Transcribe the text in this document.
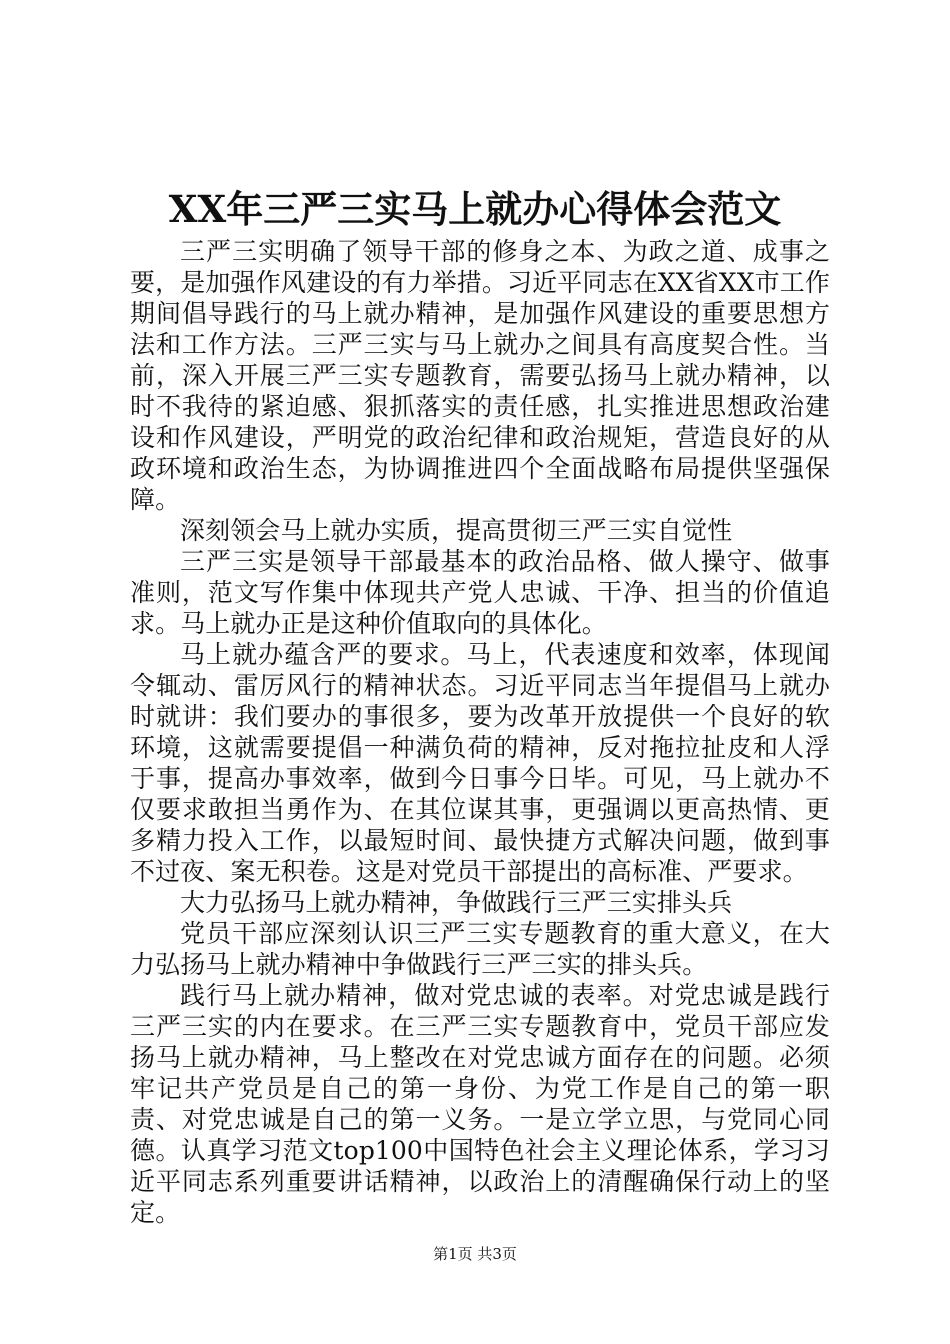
XX年三严三实马上就办心得体会范文

三严三实明确了领导干部的修身之本、为政之道、成事之要，是加强作风建设的有力举措。习近平同志在XX省XX市工作期间倡导践行的马上就办精神，是加强作风建设的重要思想方法和工作方法。三严三实与马上就办之间具有高度契合性。当前，深入开展三严三实专题教育，需要弘扬马上就办精神，以时不我待的紧迫感、狠抓落实的责任感，扎实推进思想政治建设和作风建设，严明党的政治纪律和政治规矩，营造良好的从政环境和政治生态，为协调推进四个全面战略布局提供坚强保障。

深刻领会马上就办实质，提高贯彻三严三实自觉性

三严三实是领导干部最基本的政治品格、做人操守、做事准则，范文写作集中体现共产党人忠诚、干净、担当的价值追求。马上就办正是这种价值取向的具体化。

马上就办蕴含严的要求。马上，代表速度和效率，体现闻令辄动、雷厉风行的精神状态。习近平同志当年提倡马上就办时就讲：我们要办的事很多，要为改革开放提供一个良好的软环境，这就需要提倡一种满负荷的精神，反对拖拉扯皮和人浮于事，提高办事效率，做到今日事今日毕。可见，马上就办不仅要求敢担当勇作为、在其位谋其事，更强调以更高热情、更多精力投入工作，以最短时间、最快捷方式解决问题，做到事不过夜、案无积卷。这是对党员干部提出的高标准、严要求。

大力弘扬马上就办精神，争做践行三严三实排头兵

党员干部应深刻认识三严三实专题教育的重大意义，在大力弘扬马上就办精神中争做践行三严三实的排头兵。

践行马上就办精神，做对党忠诚的表率。对党忠诚是践行三严三实的内在要求。在三严三实专题教育中，党员干部应发扬马上就办精神，马上整改在对党忠诚方面存在的问题。必须牢记共产党员是自己的第一身份、为党工作是自己的第一职责、对党忠诚是自己的第一义务。一是立学立思，与党同心同德。认真学习范文top100中国特色社会主义理论体系，学习习近平同志系列重要讲话精神，以政治上的清醒确保行动上的坚定。

第1页 共3页
